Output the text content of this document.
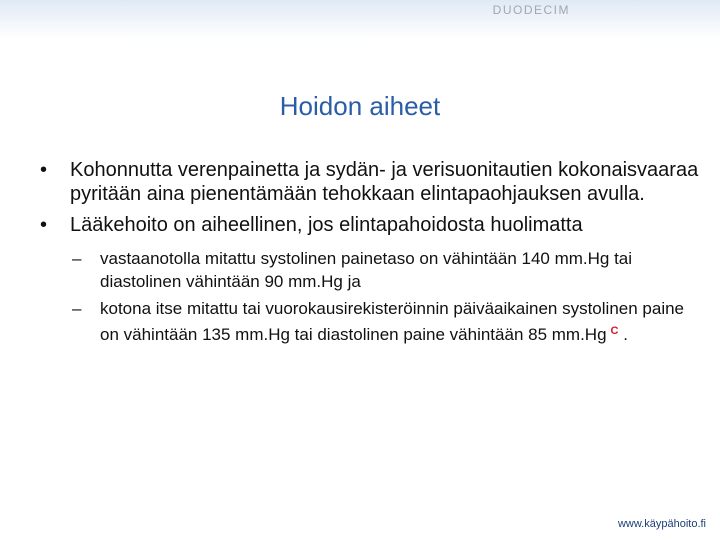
DUODECIM
Hoidon aiheet
•	Kohonnutta verenpainetta ja sydän- ja verisuonitautien kokonaisvaaraa pyritään aina pienentämään tehokkaan elintapaohjauksen avulla.
•	Lääkehoito on aiheellinen, jos elintapahoidosta huolimatta
– vastaanotolla mitattu systolinen painetaso on vähintään 140 mm.Hg tai diastolinen vähintään 90 mm.Hg ja
– kotona itse mitattu tai vuorokausirekisteröinnin päiväaikainen systolinen paine on vähintään 135 mm.Hg tai diastolinen paine vähintään 85 mm.Hg $^C$ .
www.käypähoito.fi
